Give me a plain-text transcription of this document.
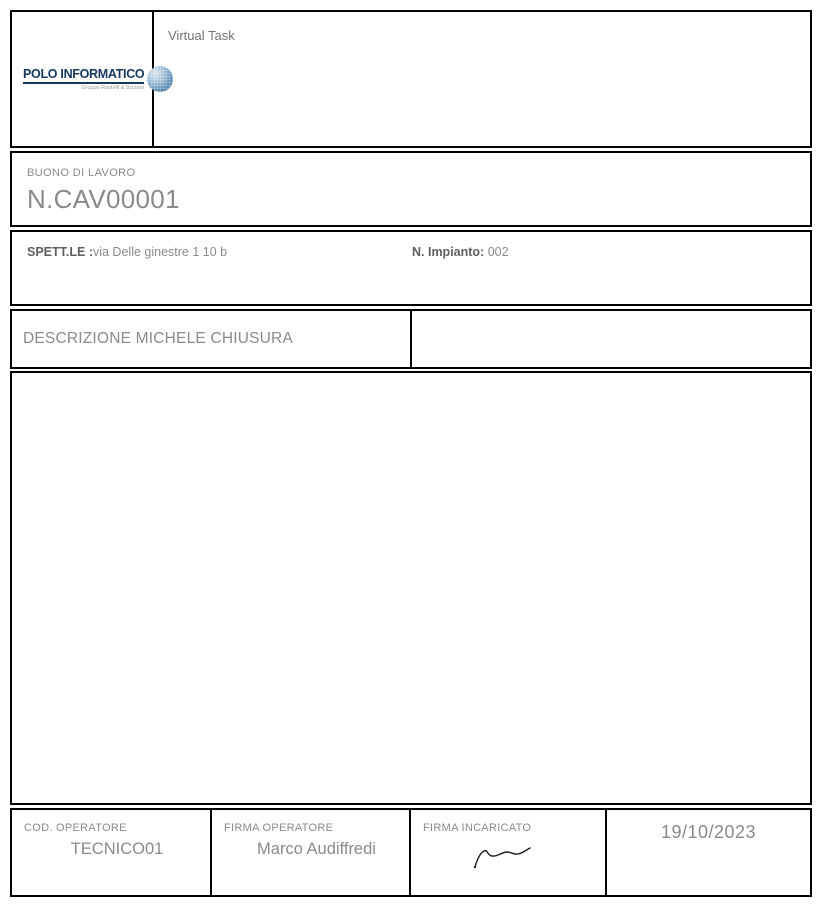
POLO INFORMATICO
Gruppo Rastelli & Bizzarri
Virtual Task
BUONO DI LAVORO
N.CAV00001
SPETT.LE :via Delle ginestre 1 10 b	N. Impianto: 002
DESCRIZIONE MICHELE CHIUSURA
COD. OPERATORE
TECNICO01
FIRMA OPERATORE
Marco Audiffredi
FIRMA INCARICATO	19/10/2023
